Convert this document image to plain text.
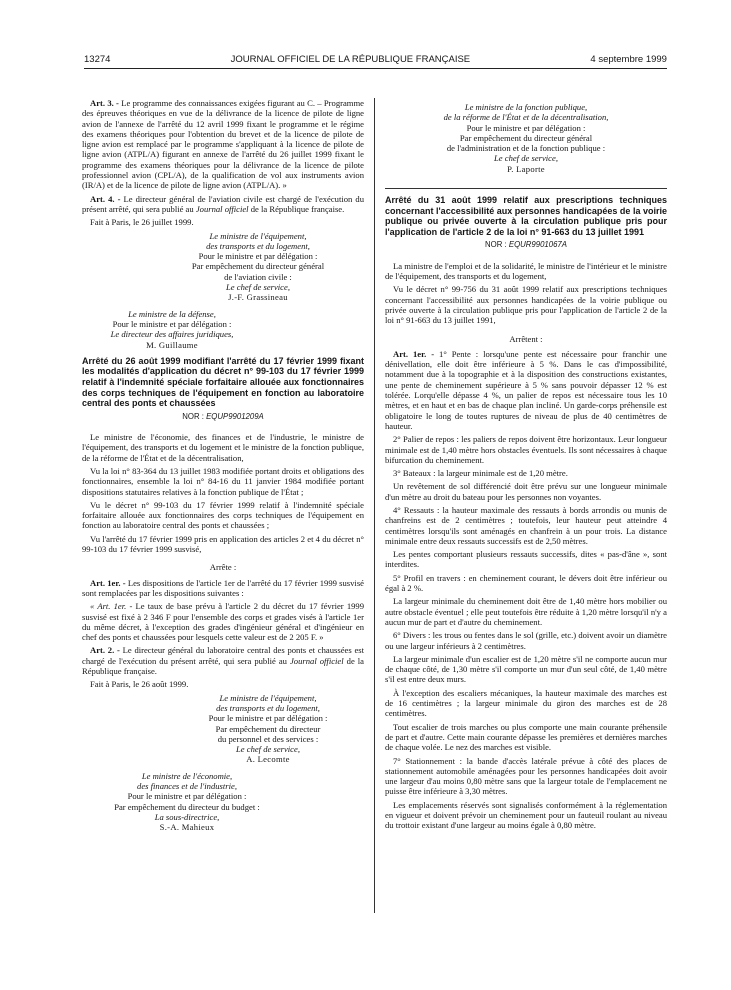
13274	JOURNAL OFFICIEL DE LA RÉPUBLIQUE FRANÇAISE	4 septembre 1999

Art. 3. - Le programme des connaissances exigées figurant au C. – Programme des épreuves théoriques en vue de la délivrance de la licence de pilote de ligne avion de l'annexe de l'arrêté du 12 avril 1999 fixant le programme et le régime des examens théoriques pour l'obtention du brevet et de la licence de pilote de ligne avion est remplacé par le programme s'appliquant à la licence de pilote de ligne avion (ATPL/A) figurant en annexe de l'arrêté du 26 juillet 1999 fixant le programme des examens théoriques pour la délivrance de la licence de pilote professionnel avion (CPL/A), de la qualification de vol aux instruments avion (IR/A) et de la licence de pilote de ligne avion (ATPL/A). »

Art. 4. - Le directeur général de l'aviation civile est chargé de l'exécution du présent arrêté, qui sera publié au Journal officiel de la République française.

Fait à Paris, le 26 juillet 1999.

Le ministre de l'équipement,
des transports et du logement,
Pour le ministre et par délégation :
Par empêchement du directeur général
de l'aviation civile :
Le chef de service,
J.-F. Grassineau
Le ministre de la défense,
Pour le ministre et par délégation :
Le directeur des affaires juridiques,
M. Guillaume
Arrêté du 26 août 1999 modifiant l'arrêté du 17 février 1999 fixant les modalités d'application du décret n° 99-103 du 17 février 1999 relatif à l'indemnité spéciale forfaitaire allouée aux fonctionnaires des corps techniques de l'équipement en fonction au laboratoire central des ponts et chaussées
NOR : EQUP9901209A

Le ministre de l'économie, des finances et de l'industrie, le ministre de l'équipement, des transports et du logement et le ministre de la fonction publique, de la réforme de l'État et de la décentralisation,

Vu la loi n° 83-364 du 13 juillet 1983 modifiée portant droits et obligations des fonctionnaires, ensemble la loi n° 84-16 du 11 janvier 1984 modifiée portant dispositions statutaires relatives à la fonction publique de l'État ;

Vu le décret n° 99-103 du 17 février 1999 relatif à l'indemnité spéciale forfaitaire allouée aux fonctionnaires des corps techniques de l'équipement en fonction au laboratoire central des ponts et chaussées ;

Vu l'arrêté du 17 février 1999 pris en application des articles 2 et 4 du décret n° 99-103 du 17 février 1999 susvisé,

Arrête :

Art. 1er. - Les dispositions de l'article 1er de l'arrêté du 17 février 1999 susvisé sont remplacées par les dispositions suivantes :

« Art. 1er. - Le taux de base prévu à l'article 2 du décret du 17 février 1999 susvisé est fixé à 2 346 F pour l'ensemble des corps et grades visés à l'article 1er du même décret, à l'exception des grades d'ingénieur général et d'ingénieur en chef des ponts et chaussées pour lesquels cette valeur est de 2 205 F. »

Art. 2. - Le directeur général du laboratoire central des ponts et chaussées est chargé de l'exécution du présent arrêté, qui sera publié au Journal officiel de la République française.

Fait à Paris, le 26 août 1999.

Le ministre de l'équipement,
des transports et du logement,
Pour le ministre et par délégation :
Par empêchement du directeur
du personnel et des services :
Le chef de service,
A. Lecomte
Le ministre de l'économie,
des finances et de l'industrie,
Pour le ministre et par délégation :
Par empêchement du directeur du budget :
La sous-directrice,
S.-A. Mahieux
Le ministre de la fonction publique,
de la réforme de l'État et de la décentralisation,
Pour le ministre et par délégation :
Par empêchement du directeur général
de l'administration et de la fonction publique :
Le chef de service,
P. Laporte
Arrêté du 31 août 1999 relatif aux prescriptions techniques concernant l'accessibilité aux personnes handicapées de la voirie publique ou privée ouverte à la circulation publique pris pour l'application de l'article 2 de la loi n° 91-663 du 13 juillet 1991
NOR : EQUR9901067A

La ministre de l'emploi et de la solidarité, le ministre de l'intérieur et le ministre de l'équipement, des transports et du logement,

Vu le décret n° 99-756 du 31 août 1999 relatif aux prescriptions techniques concernant l'accessibilité aux personnes handicapées de la voirie publique ou privée ouverte à la circulation publique pris pour l'application de l'article 2 de la loi n° 91-663 du 13 juillet 1991,

Arrêtent :

Art. 1er. - 1° Pente : lorsqu'une pente est nécessaire pour franchir une dénivellation, elle doit être inférieure à 5 %. Dans le cas d'impossibilité, notamment due à la topographie et à la disposition des constructions existantes, une pente de cheminement supérieure à 5 % sans pouvoir dépasser 12 % est tolérée. Lorqu'elle dépasse 4 %, un palier de repos est nécessaire tous les 10 mètres, et en haut et en bas de chaque plan incliné. Un garde-corps préhensile est obligatoire le long de toutes ruptures de niveau de plus de 40 centimètres de hauteur.

2° Palier de repos : les paliers de repos doivent être horizontaux. Leur longueur minimale est de 1,40 mètre hors obstacles éventuels. Ils sont nécessaires à chaque bifurcation du cheminement.

3° Bateaux : la largeur minimale est de 1,20 mètre.

Un revêtement de sol différencié doit être prévu sur une longueur minimale d'un mètre au droit du bateau pour les personnes non voyantes.

4° Ressauts : la hauteur maximale des ressauts à bords arrondis ou munis de chanfreins est de 2 centimètres ; toutefois, leur hauteur peut atteindre 4 centimètres lorsqu'ils sont aménagés en chanfrein à un pour trois. La distance minimale entre deux ressauts successifs est de 2,50 mètres.

Les pentes comportant plusieurs ressauts successifs, dites « pas-d'âne », sont interdites.

5° Profil en travers : en cheminement courant, le dévers doit être inférieur ou égal à 2 %.

La largeur minimale du cheminement doit être de 1,40 mètre hors mobilier ou autre obstacle éventuel ; elle peut toutefois être réduite à 1,20 mètre lorsqu'il n'y a aucun mur de part et d'autre du cheminement.

6° Divers : les trous ou fentes dans le sol (grille, etc.) doivent avoir un diamètre ou une largeur inférieurs à 2 centimètres.

La largeur minimale d'un escalier est de 1,20 mètre s'il ne comporte aucun mur de chaque côté, de 1,30 mètre s'il comporte un mur d'un seul côté, de 1,40 mètre s'il est entre deux murs.

À l'exception des escaliers mécaniques, la hauteur maximale des marches est de 16 centimètres ; la largeur minimale du giron des marches est de 28 centimètres.

Tout escalier de trois marches ou plus comporte une main courante préhensile de part et d'autre. Cette main courante dépasse les premières et dernières marches de chaque volée. Le nez des marches est visible.

7° Stationnement : la bande d'accès latérale prévue à côté des places de stationnement automobile aménagées pour les personnes handicapées doit avoir une largeur d'au moins 0,80 mètre sans que la largeur totale de l'emplacement ne puisse être inférieure à 3,30 mètres.

Les emplacements réservés sont signalisés conformément à la réglementation en vigueur et doivent prévoir un cheminement pour un fauteuil roulant au niveau du trottoir existant d'une largeur au moins égale à 0,80 mètre.
